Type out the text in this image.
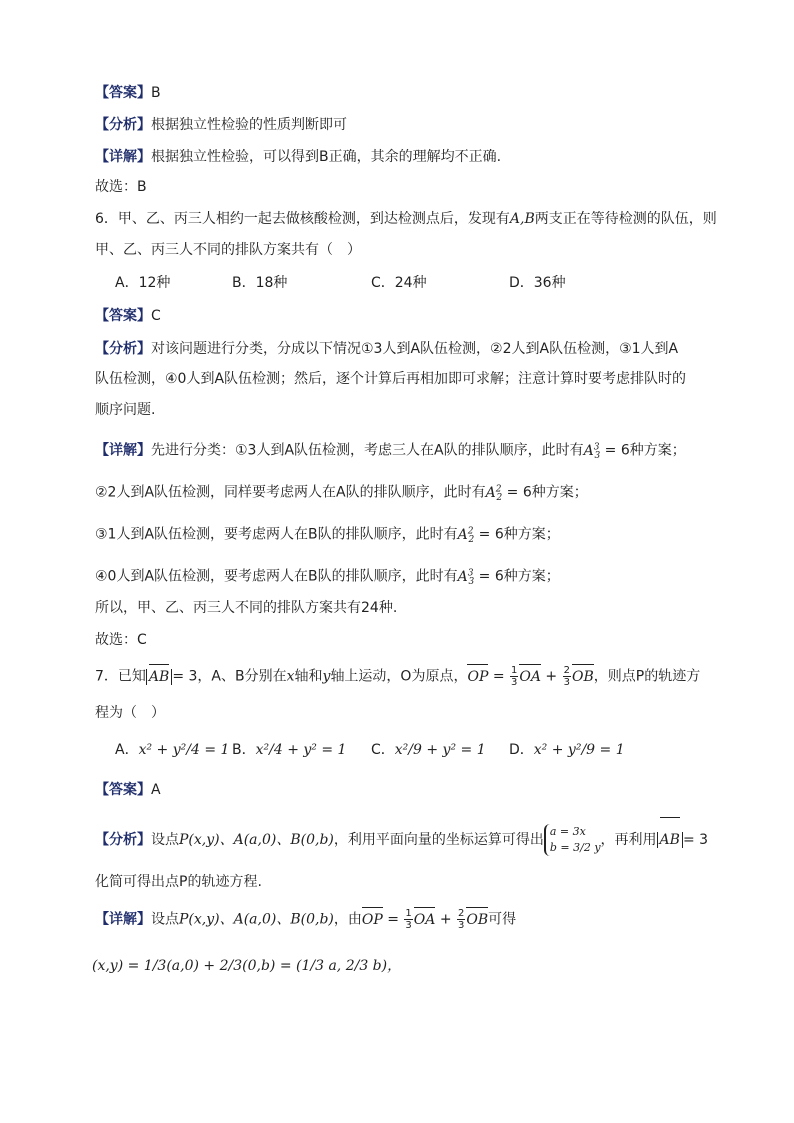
【答案】B
【分析】根据独立性检验的性质判断即可
【详解】根据独立性检验，可以得到B正确，其余的理解均不正确.
故选：B
6．甲、乙、丙三人相约一起去做核酸检测，到达检测点后，发现有A,B两支正在等待检测的队伍，则
甲、乙、丙三人不同的排队方案共有（　）
A．12种	B．18种	C．24种	D．36种
【答案】C
【分析】对该问题进行分类，分成以下情况①3人到A队伍检测，②2人到A队伍检测，③1人到A
队伍检测，④0人到A队伍检测；然后，逐个计算后再相加即可求解；注意计算时要考虑排队时的
顺序问题.
【详解】先进行分类：①3人到A队伍检测，考虑三人在A队的排队顺序，此时有$A^3_3 = 6$种方案；
②2人到A队伍检测，同样要考虑两人在A队的排队顺序，此时有$A^2_2 = 6$种方案；
③1人到A队伍检测，要考虑两人在B队的排队顺序，此时有$A^2_2 = 6$种方案；
④0人到A队伍检测，要考虑两人在B队的排队顺序，此时有$A^3_3 = 6$种方案；
所以，甲、乙、丙三人不同的排队方案共有24种.
故选：C
7．已知 AB = 3，A、B分别在x轴和y轴上运动，O为原点，OP = $\frac{1}{3}$ OA + $\frac{2}{3}$ OB，则点P的轨迹方
程为（　）
A．x² + y²/4 = 1 B．x²/4 + y² = 1 C．x²/9 + y² = 1 D．x² + y²/9 = 1
【答案】A
【分析】设点P(x,y)、A(a,0)、B(0,b)，利用平面向量的坐标运算可得出
a = 3x
b = 3/2 y ，再利用 AB = 3
化简可得出点P的轨迹方程.
【详解】设点P(x,y)、A(a,0)、B(0,b)，由OP = $\frac{1}{3}$ OA + $\frac{2}{3}$ OB可得
(x,y) = 1/3(a,0) + 2/3(0,b) = (1/3 a, 2/3 b)，
